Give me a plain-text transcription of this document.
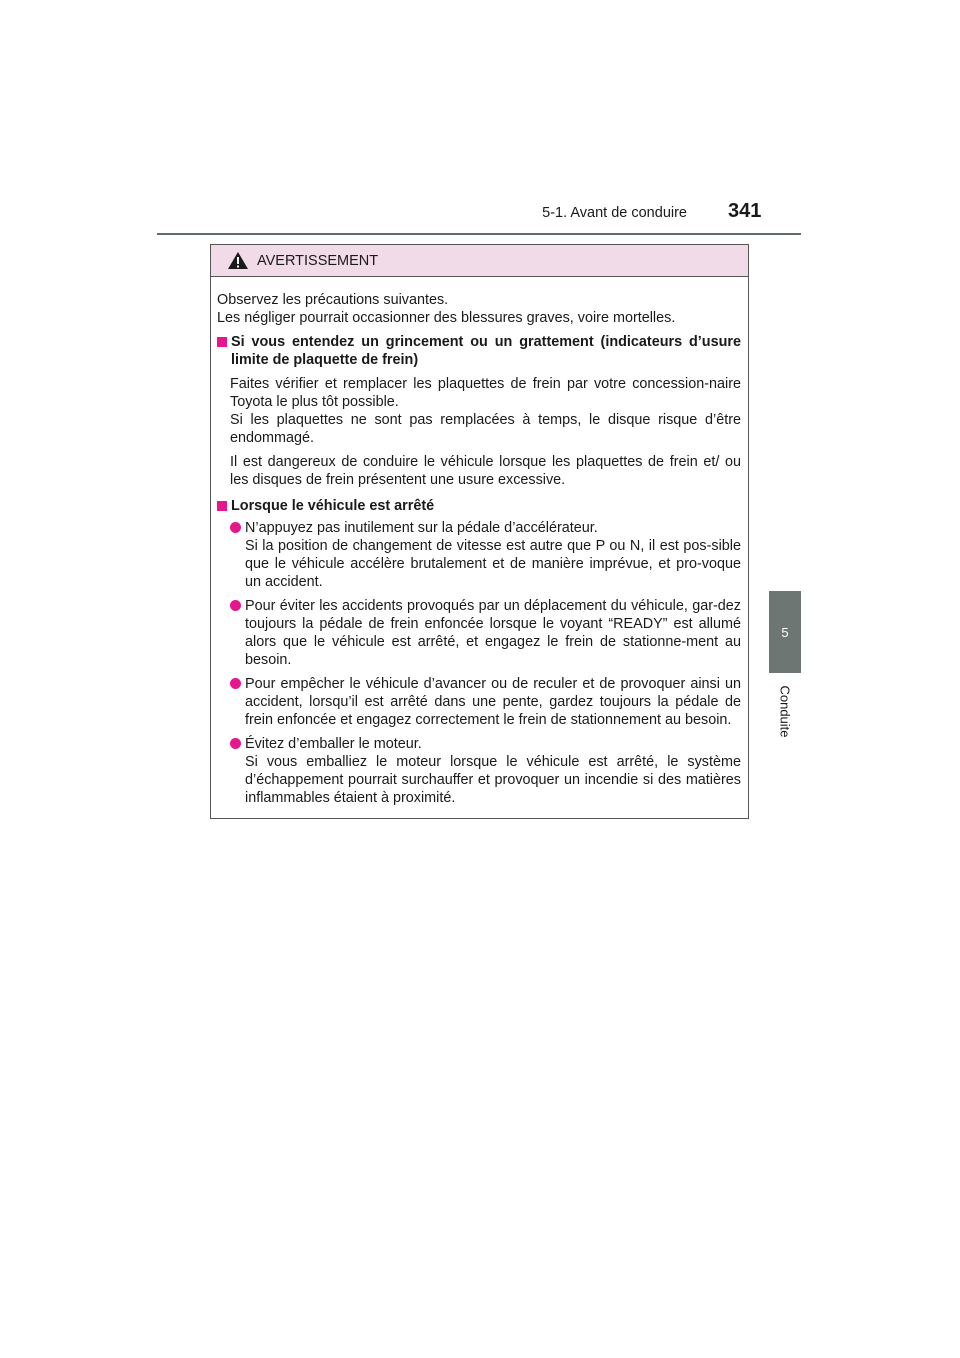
5-1. Avant de conduire 341
5
Conduite
AVERTISSEMENT

Observez les précautions suivantes.

Les négliger pourrait occasionner des blessures graves, voire mortelles.

Si vous entendez un grincement ou un grattement (indicateurs d’usure limite de plaquette de frein)

Faites vérifier et remplacer les plaquettes de frein par votre concession-naire Toyota le plus tôt possible.

Si les plaquettes ne sont pas remplacées à temps, le disque risque d’être endommagé.

Il est dangereux de conduire le véhicule lorsque les plaquettes de frein et/ ou les disques de frein présentent une usure excessive.

Lorsque le véhicule est arrêté

N’appuyez pas inutilement sur la pédale d’accélérateur.

Si la position de changement de vitesse est autre que P ou N, il est pos-sible que le véhicule accélère brutalement et de manière imprévue, et pro-voque un accident.

Pour éviter les accidents provoqués par un déplacement du véhicule, gar-dez toujours la pédale de frein enfoncée lorsque le voyant “READY” est allumé alors que le véhicule est arrêté, et engagez le frein de stationne-ment au besoin.

Pour empêcher le véhicule d’avancer ou de reculer et de provoquer ainsi un accident, lorsqu’il est arrêté dans une pente, gardez toujours la pédale de frein enfoncée et engagez correctement le frein de stationnement au besoin.

Évitez d’emballer le moteur.

Si vous emballiez le moteur lorsque le véhicule est arrêté, le système d’échappement pourrait surchauffer et provoquer un incendie si des matières inflammables étaient à proximité.
